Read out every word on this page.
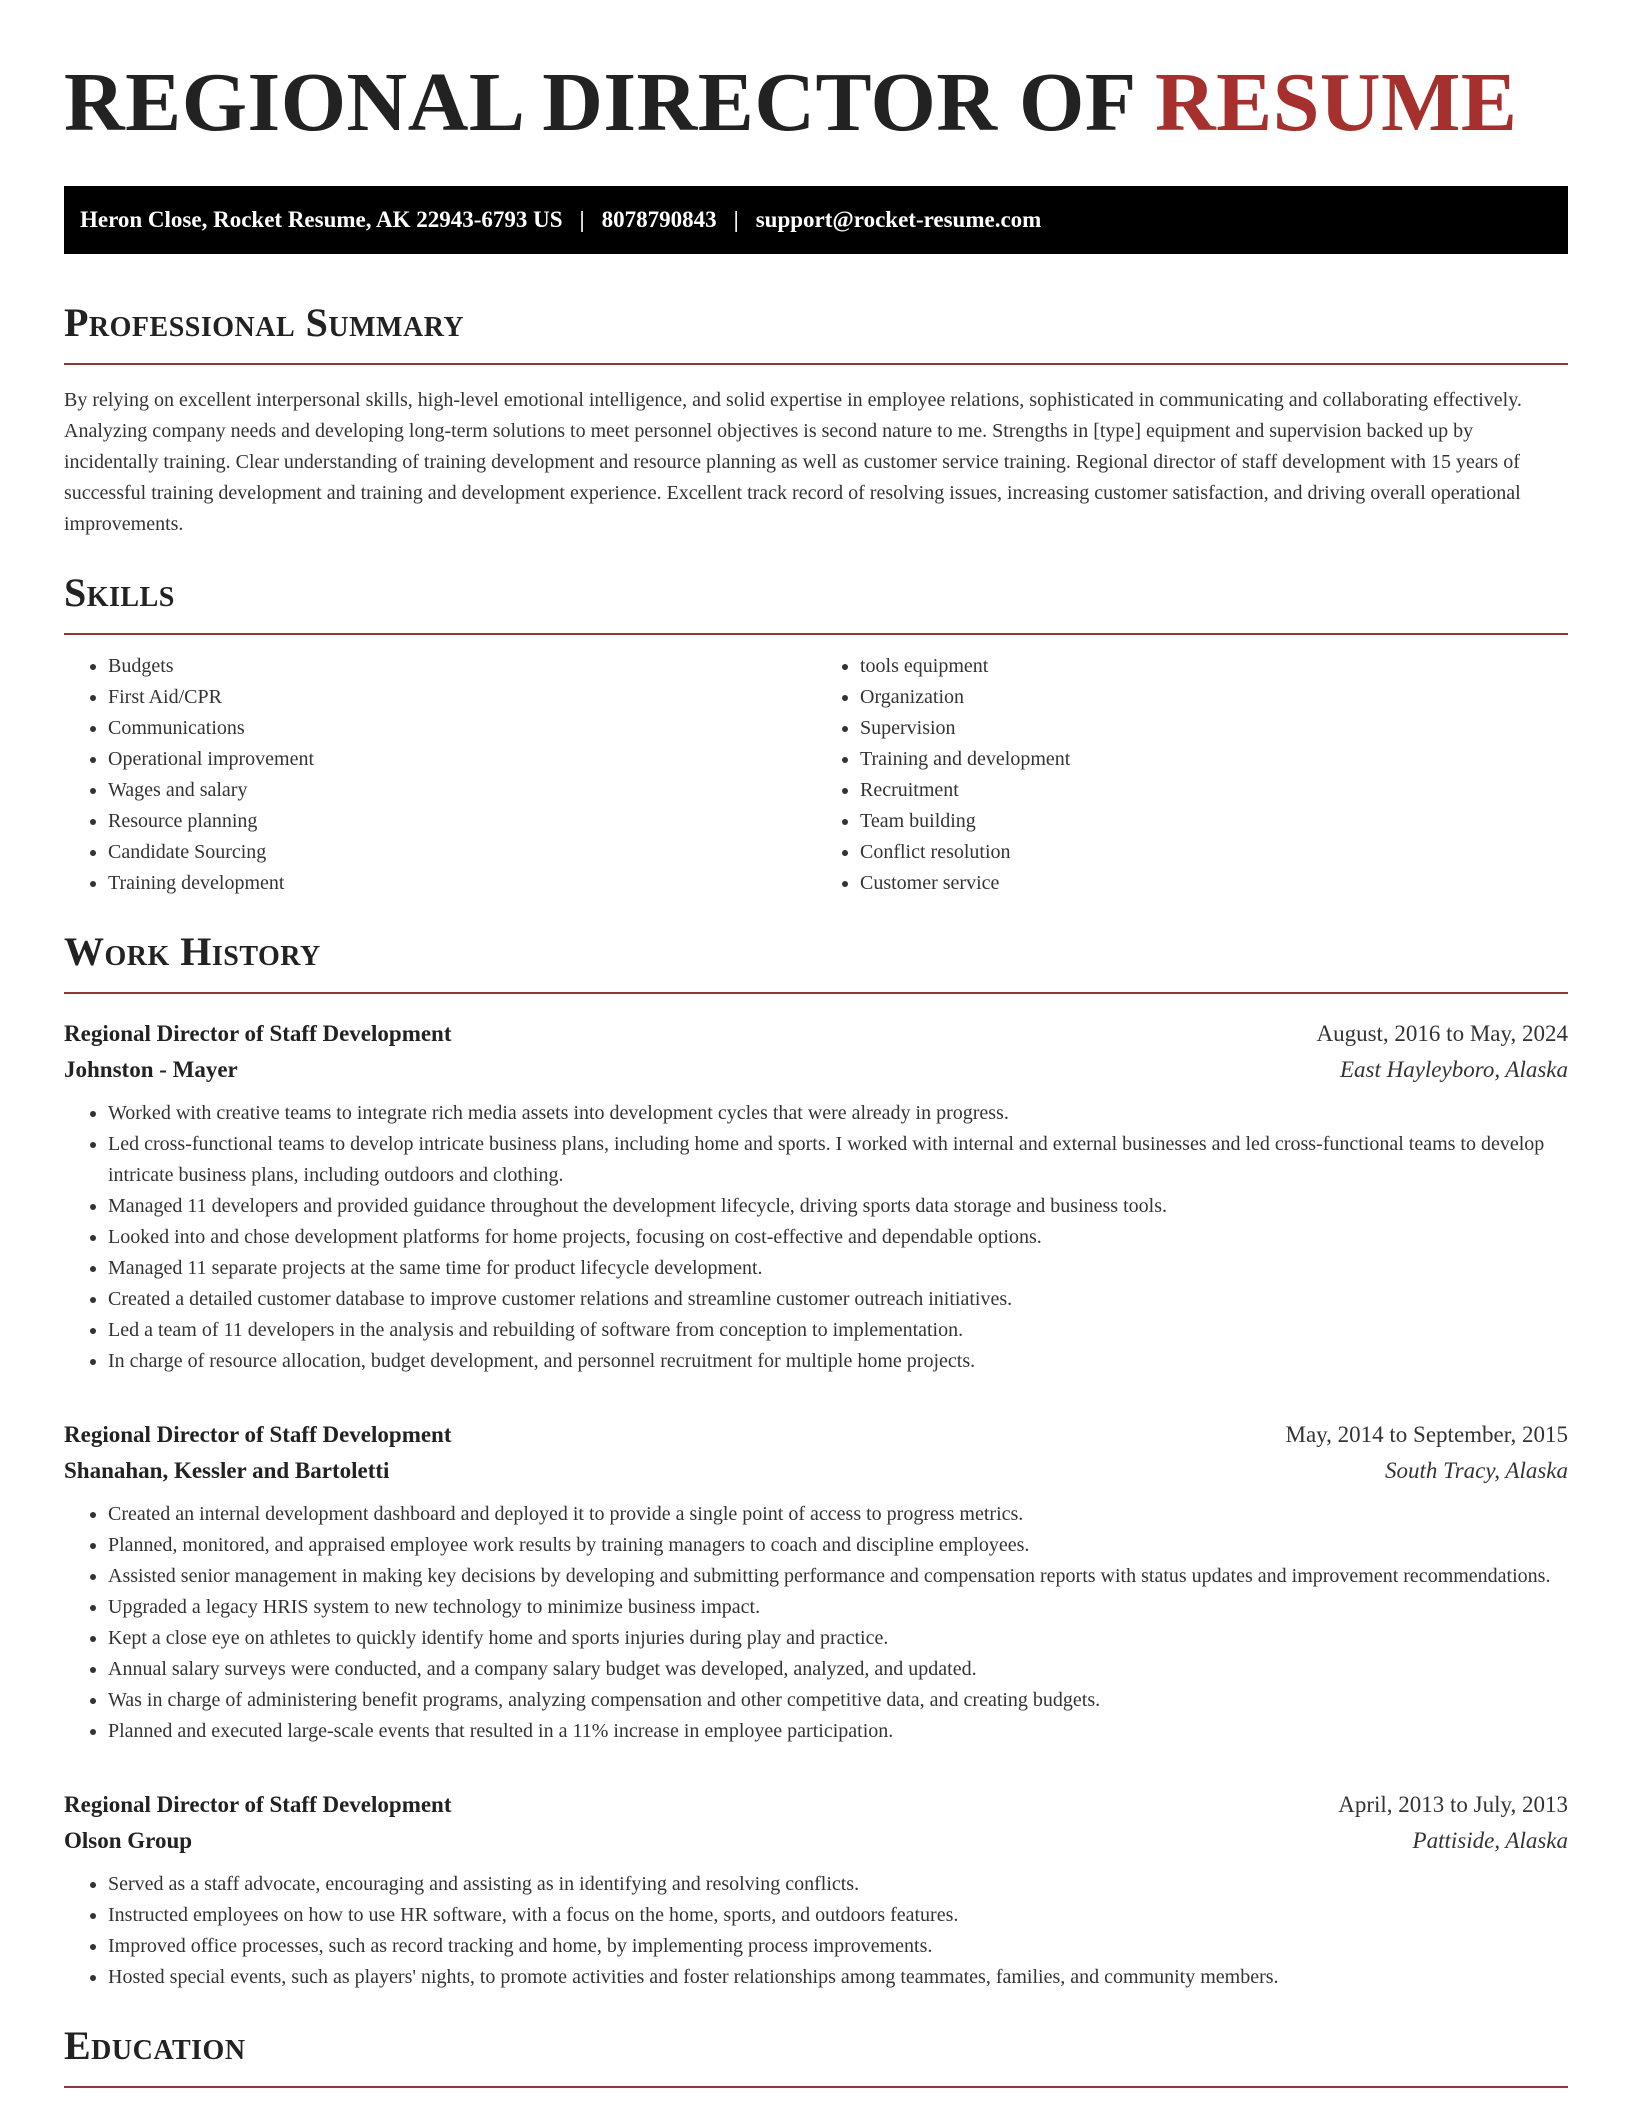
REGIONAL DIRECTOR OF RESUME
Heron Close, Rocket Resume, AK 22943-6793 US | 8078790843 | support@rocket-resume.com
Professional Summary

By relying on excellent interpersonal skills, high-level emotional intelligence, and solid expertise in employee relations, sophisticated in communicating and collaborating effectively. Analyzing company needs and developing long-term solutions to meet personnel objectives is second nature to me. Strengths in [type] equipment and supervision backed up by incidentally training. Clear understanding of training development and resource planning as well as customer service training. Regional director of staff development with 15 years of successful training development and training and development experience. Excellent track record of resolving issues, increasing customer satisfaction, and driving overall operational improvements.

Skills
• Budgets
• First Aid/CPR
• Communications
• Operational improvement
• Wages and salary
• Resource planning
• Candidate Sourcing
• Training development
• tools equipment
• Organization
• Supervision
• Training and development
• Recruitment
• Team building
• Conflict resolution
• Customer service
Work History
Regional Director of Staff Development	August, 2016 to May, 2024
Johnston - Mayer	East Hayleyboro, Alaska
• Worked with creative teams to integrate rich media assets into development cycles that were already in progress.
• Led cross-functional teams to develop intricate business plans, including home and sports. I worked with internal and external businesses and led cross-functional teams to develop intricate business plans, including outdoors and clothing.
• Managed 11 developers and provided guidance throughout the development lifecycle, driving sports data storage and business tools.
• Looked into and chose development platforms for home projects, focusing on cost-effective and dependable options.
• Managed 11 separate projects at the same time for product lifecycle development.
• Created a detailed customer database to improve customer relations and streamline customer outreach initiatives.
• Led a team of 11 developers in the analysis and rebuilding of software from conception to implementation.
• In charge of resource allocation, budget development, and personnel recruitment for multiple home projects.
Regional Director of Staff Development	May, 2014 to September, 2015
Shanahan, Kessler and Bartoletti	South Tracy, Alaska
• Created an internal development dashboard and deployed it to provide a single point of access to progress metrics.
• Planned, monitored, and appraised employee work results by training managers to coach and discipline employees.
• Assisted senior management in making key decisions by developing and submitting performance and compensation reports with status updates and improvement recommendations.
• Upgraded a legacy HRIS system to new technology to minimize business impact.
• Kept a close eye on athletes to quickly identify home and sports injuries during play and practice.
• Annual salary surveys were conducted, and a company salary budget was developed, analyzed, and updated.
• Was in charge of administering benefit programs, analyzing compensation and other competitive data, and creating budgets.
• Planned and executed large-scale events that resulted in a 11% increase in employee participation.
Regional Director of Staff Development	April, 2013 to July, 2013
Olson Group	Pattiside, Alaska
• Served as a staff advocate, encouraging and assisting as in identifying and resolving conflicts.
• Instructed employees on how to use HR software, with a focus on the home, sports, and outdoors features.
• Improved office processes, such as record tracking and home, by implementing process improvements.
• Hosted special events, such as players' nights, to promote activities and foster relationships among teammates, families, and community members.
Education
